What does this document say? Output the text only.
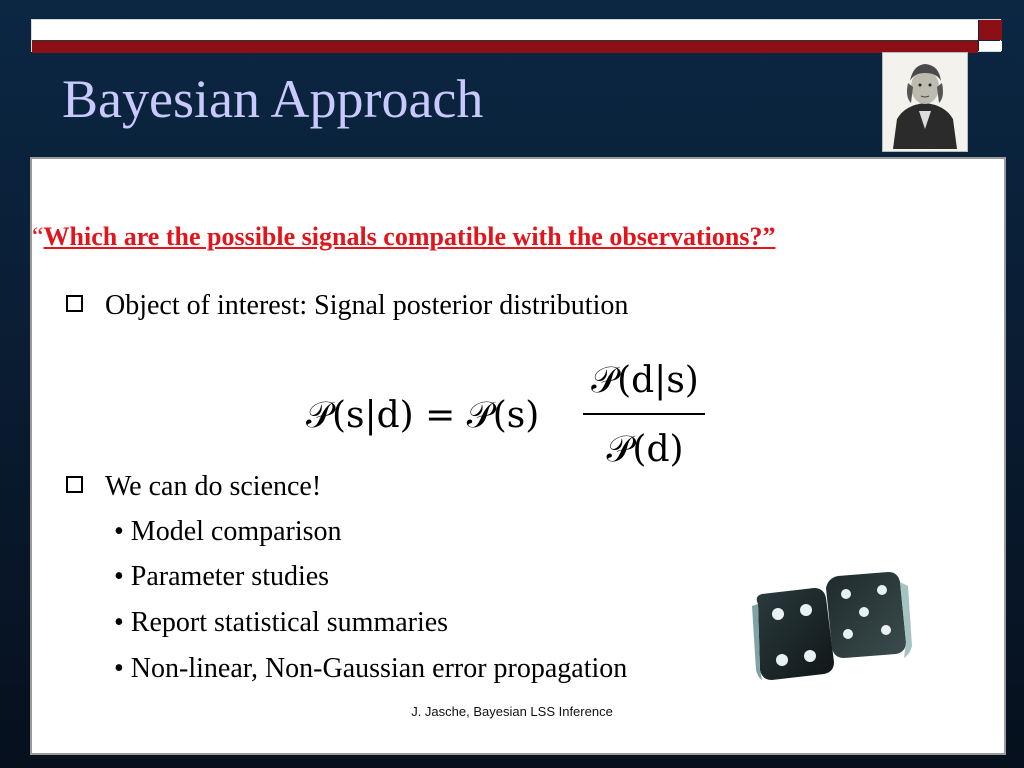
Bayesian Approach
Rev. T. Bayes
“Which are the possible signals compatible with the observations?”
Object of interest: Signal posterior distribution
𝒫(s|d) = 𝒫(s)
𝒫(d|s)
𝒫(d)
We can do science!
• Model comparison
• Parameter studies
• Report statistical summaries
• Non-linear, Non-Gaussian error propagation
J. Jasche, Bayesian LSS Inference
